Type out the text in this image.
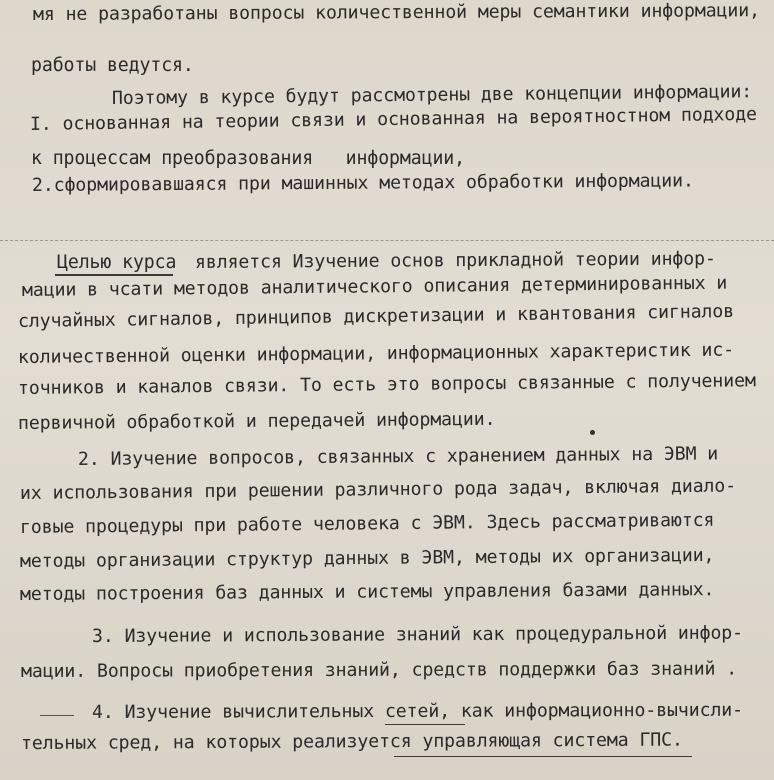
мя не разработаны вопросы количественной меры семантики информации,
работы ведутся.
Поэтому в курсе будут рассмотрены две концепции информации:
I. основанная на теории связи и основанная на вероятностном подходе
к процессам преобразования   информации,
2.сформировавшаяся при машинных методах обработки информации.
Целью курса является Изучение основ прикладной теории инфор-
мации в чсати методов аналитического описания детерминированных и
случайных сигналов, принципов дискретизации и квантования сигналов
количественной оценки информации, информационных характеристик ис-
точников и каналов связи. То есть это вопросы связанные с получением
первичной обработкой и передачей информации.
2. Изучение вопросов, связанных с хранением данных на ЭВМ и
их использования при решении различного рода задач, включая диало-
говые процедуры при работе человека с ЭВМ. Здесь рассматриваются
методы организации структур данных в ЭВМ, методы их организации,
методы построения баз данных и системы управления базами данных.
3. Изучение и использование знаний как процедуральной инфор-
мации. Вопросы приобретения знаний, средств поддержки баз знаний .
4. Изучение вычислительных сетей, как информационно-вычисли-
тельных сред, на которых реализуется управляющая система ГПС.
